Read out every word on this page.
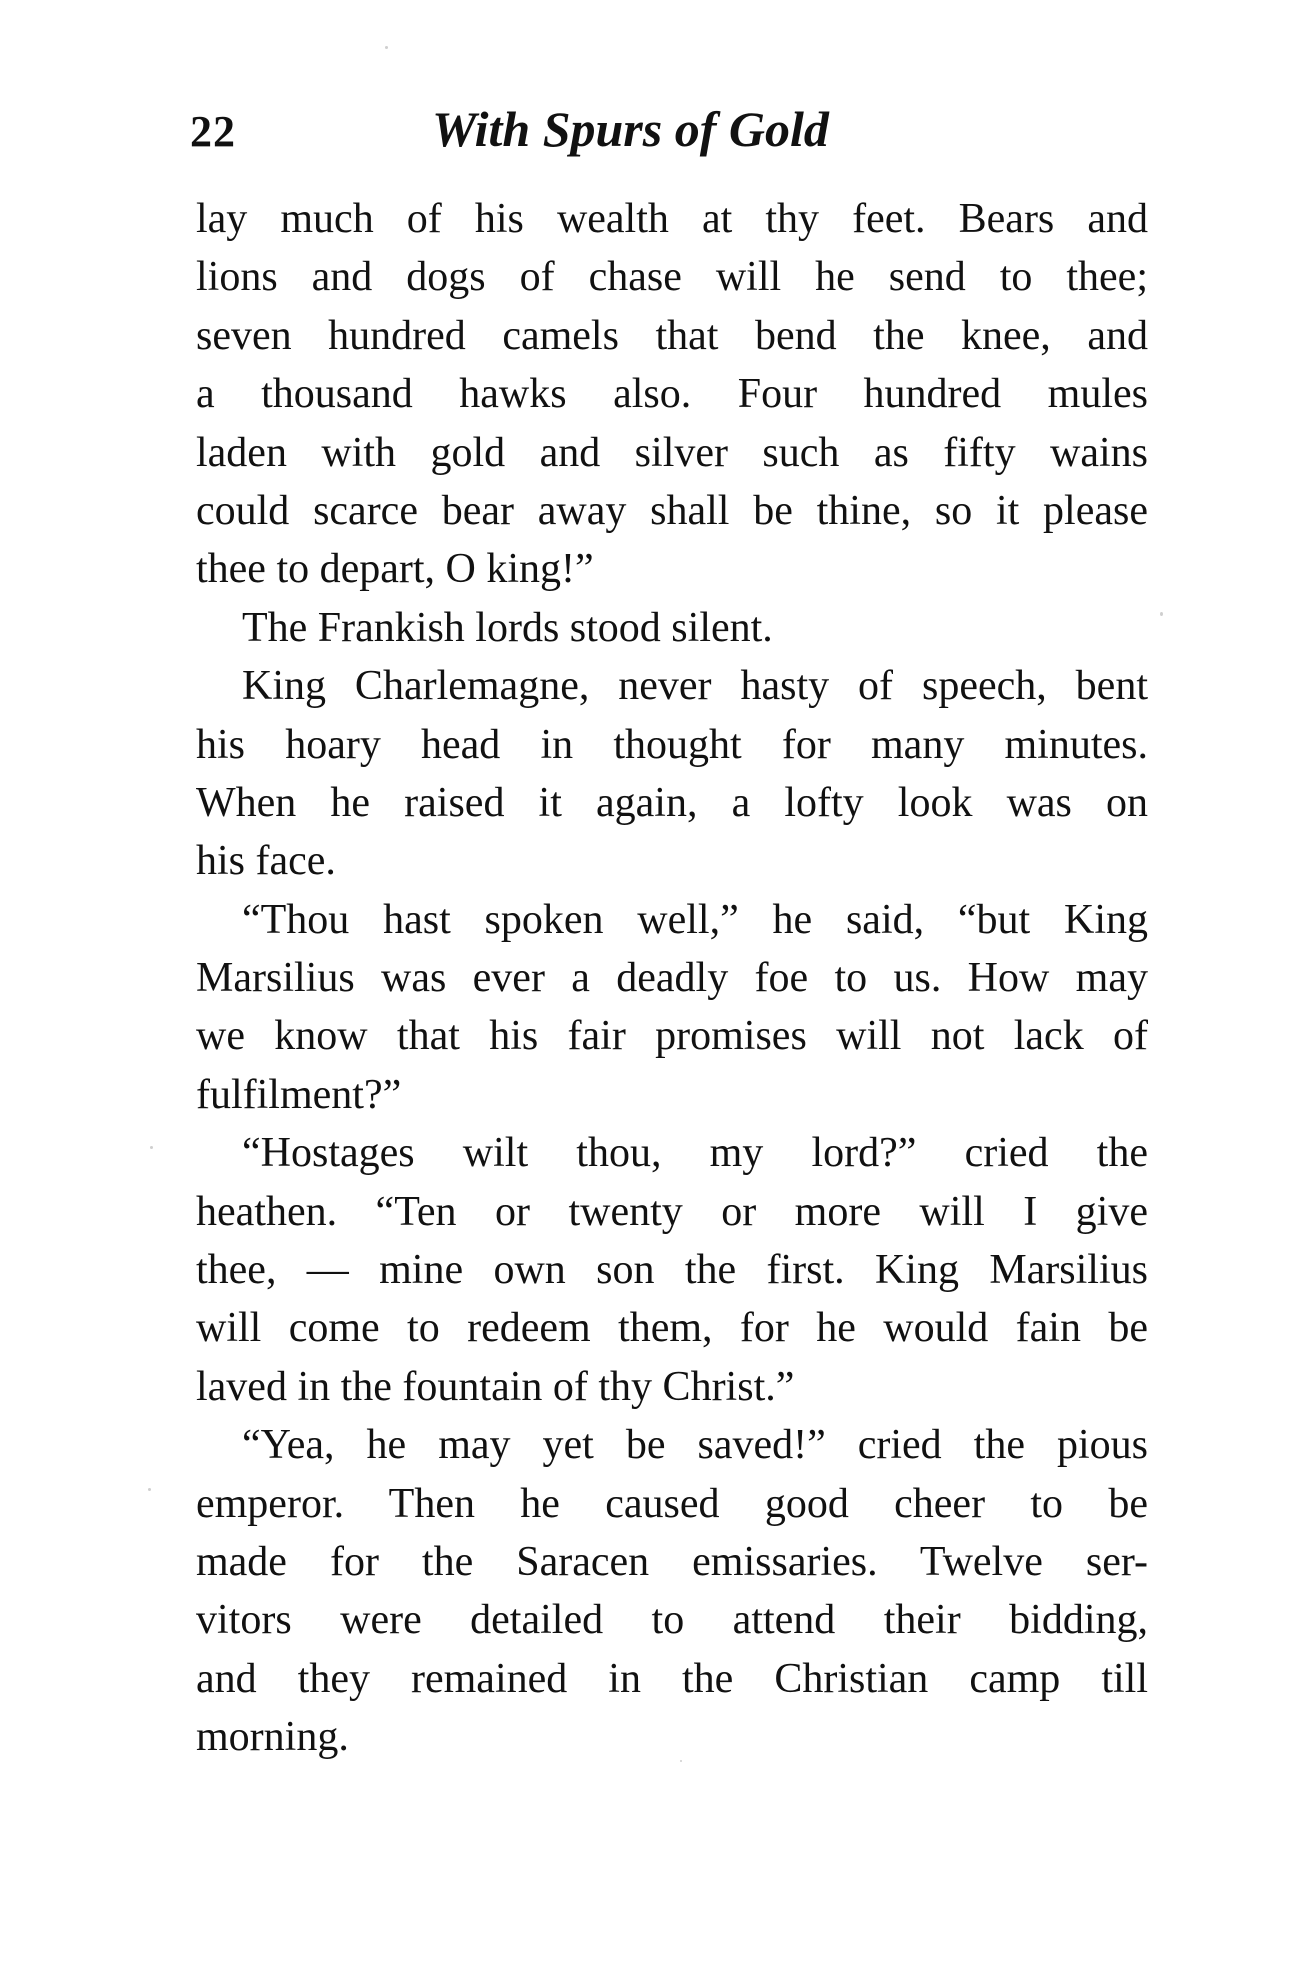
22	With Spurs of Gold
lay much of his wealth at thy feet. Bears and
lions and dogs of chase will he send to thee;
seven hundred camels that bend the knee, and
a thousand hawks also. Four hundred mules
laden with gold and silver such as fifty wains
could scarce bear away shall be thine, so it please
thee to depart, O king!”
The Frankish lords stood silent.
King Charlemagne, never hasty of speech, bent
his hoary head in thought for many minutes.
When he raised it again, a lofty look was on
his face.
“Thou hast spoken well,” he said, “but King
Marsilius was ever a deadly foe to us. How may
we know that his fair promises will not lack of
fulfilment?”
“Hostages wilt thou, my lord?” cried the
heathen. “Ten or twenty or more will I give
thee, — mine own son the first. King Marsilius
will come to redeem them, for he would fain be
laved in the fountain of thy Christ.”
“Yea, he may yet be saved!” cried the pious
emperor. Then he caused good cheer to be
made for the Saracen emissaries. Twelve ser-
vitors were detailed to attend their bidding,
and they remained in the Christian camp till
morning.
